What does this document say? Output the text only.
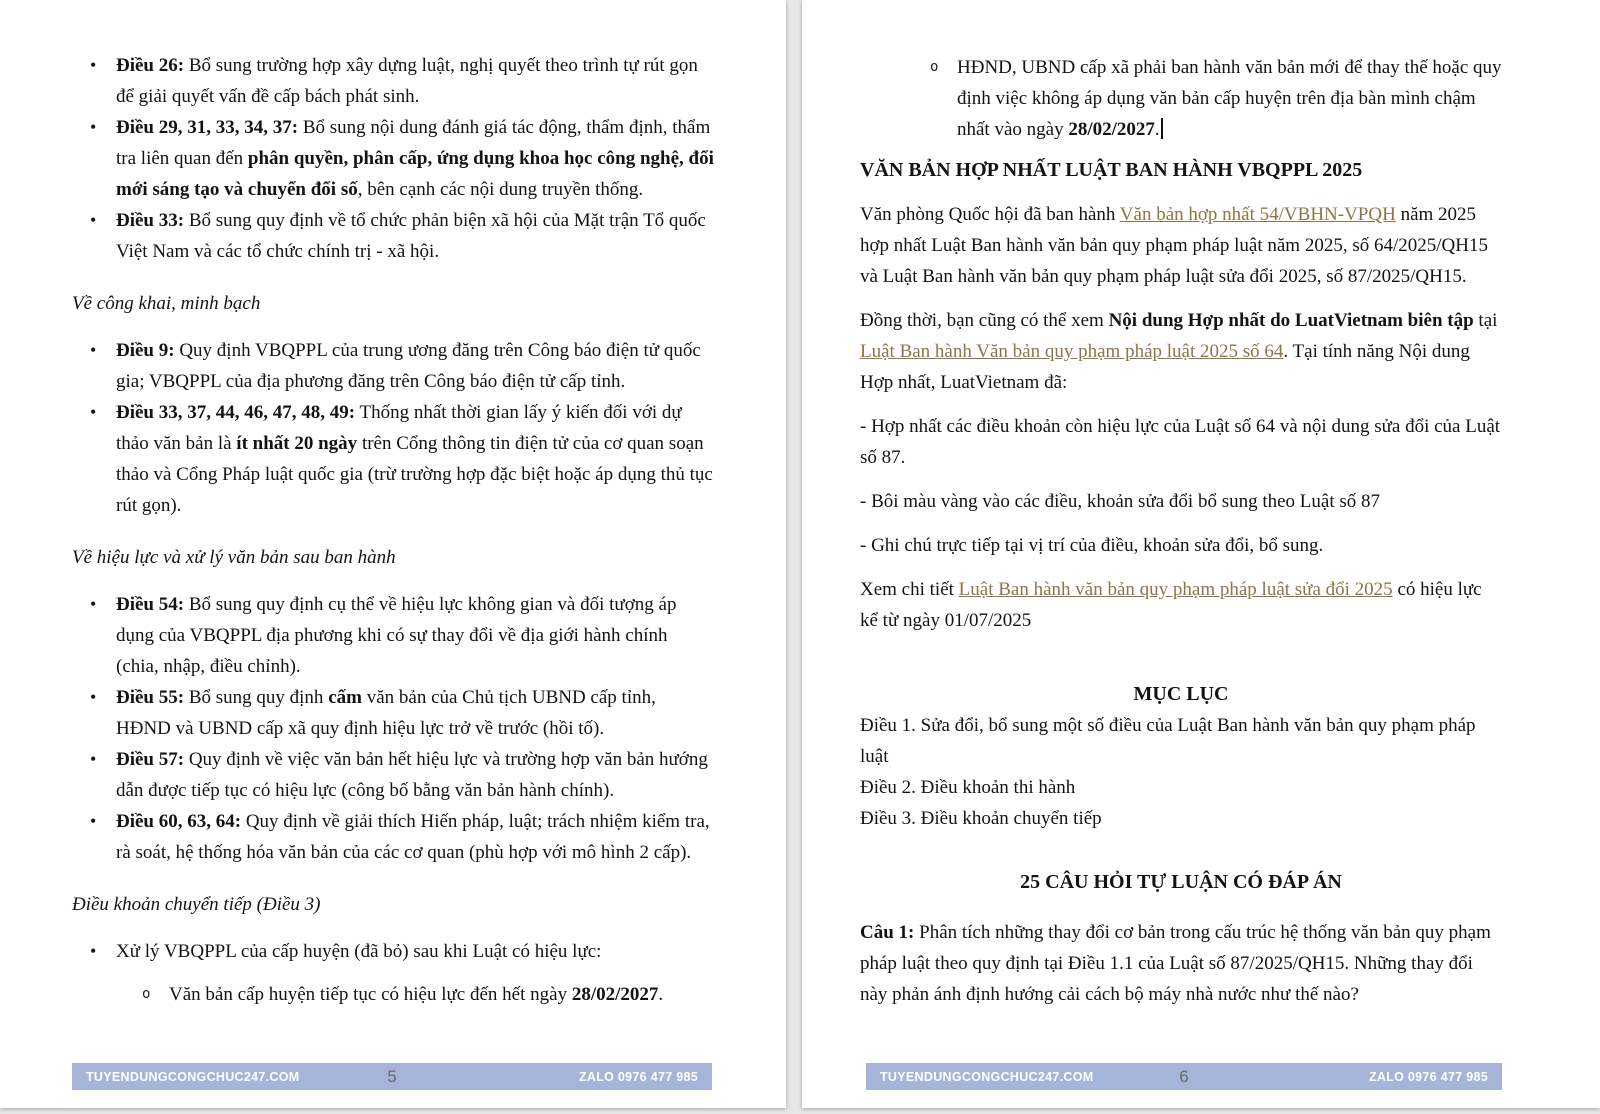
•	Điều 26: Bổ sung trường hợp xây dựng luật, nghị quyết theo trình tự rút gọn để giải quyết vấn đề cấp bách phát sinh.
•	Điều 29, 31, 33, 34, 37: Bổ sung nội dung đánh giá tác động, thẩm định, thẩm tra liên quan đến phân quyền, phân cấp, ứng dụng khoa học công nghệ, đổi mới sáng tạo và chuyển đổi số, bên cạnh các nội dung truyền thống.
•	Điều 33: Bổ sung quy định về tổ chức phản biện xã hội của Mặt trận Tổ quốc Việt Nam và các tổ chức chính trị - xã hội.
Về công khai, minh bạch
•	Điều 9: Quy định VBQPPL của trung ương đăng trên Công báo điện tử quốc gia; VBQPPL của địa phương đăng trên Công báo điện tử cấp tỉnh.
•	Điều 33, 37, 44, 46, 47, 48, 49: Thống nhất thời gian lấy ý kiến đối với dự thảo văn bản là ít nhất 20 ngày trên Cổng thông tin điện tử của cơ quan soạn thảo và Cổng Pháp luật quốc gia (trừ trường hợp đặc biệt hoặc áp dụng thủ tục rút gọn).
Về hiệu lực và xử lý văn bản sau ban hành
•	Điều 54: Bổ sung quy định cụ thể về hiệu lực không gian và đối tượng áp dụng của VBQPPL địa phương khi có sự thay đổi về địa giới hành chính (chia, nhập, điều chỉnh).
•	Điều 55: Bổ sung quy định cấm văn bản của Chủ tịch UBND cấp tỉnh, HĐND và UBND cấp xã quy định hiệu lực trở về trước (hồi tố).
•	Điều 57: Quy định về việc văn bản hết hiệu lực và trường hợp văn bản hướng dẫn được tiếp tục có hiệu lực (công bố bằng văn bản hành chính).
•	Điều 60, 63, 64: Quy định về giải thích Hiến pháp, luật; trách nhiệm kiểm tra, rà soát, hệ thống hóa văn bản của các cơ quan (phù hợp với mô hình 2 cấp).
Điều khoản chuyển tiếp (Điều 3)
•	Xử lý VBQPPL của cấp huyện (đã bỏ) sau khi Luật có hiệu lực:
o Văn bản cấp huyện tiếp tục có hiệu lực đến hết ngày 28/02/2027.
TUYENDUNGCONGCHUC247.COM	5	ZALO 0976 477 985
o HĐND, UBND cấp xã phải ban hành văn bản mới để thay thế hoặc quy định việc không áp dụng văn bản cấp huyện trên địa bàn mình chậm nhất vào ngày 28/02/2027.
VĂN BẢN HỢP NHẤT LUẬT BAN HÀNH VBQPPL 2025
Văn phòng Quốc hội đã ban hành Văn bản hợp nhất 54/VBHN-VPQH năm 2025 hợp nhất Luật Ban hành văn bản quy phạm pháp luật năm 2025, số 64/2025/QH15 và Luật Ban hành văn bản quy phạm pháp luật sửa đổi 2025, số 87/2025/QH15.
Đồng thời, bạn cũng có thể xem Nội dung Hợp nhất do LuatVietnam biên tập tại Luật Ban hành Văn bản quy phạm pháp luật 2025 số 64. Tại tính năng Nội dung Hợp nhất, LuatVietnam đã:
- Hợp nhất các điều khoản còn hiệu lực của Luật số 64 và nội dung sửa đổi của Luật số 87.
- Bôi màu vàng vào các điều, khoản sửa đổi bổ sung theo Luật số 87
- Ghi chú trực tiếp tại vị trí của điều, khoản sửa đổi, bổ sung.
Xem chi tiết Luật Ban hành văn bản quy phạm pháp luật sửa đổi 2025 có hiệu lực kể từ ngày 01/07/2025
MỤC LỤC
Điều 1. Sửa đổi, bổ sung một số điều của Luật Ban hành văn bản quy phạm pháp luật
Điều 2. Điều khoản thi hành
Điều 3. Điều khoản chuyển tiếp
25 CÂU HỎI TỰ LUẬN CÓ ĐÁP ÁN
Câu 1: Phân tích những thay đổi cơ bản trong cấu trúc hệ thống văn bản quy phạm pháp luật theo quy định tại Điều 1.1 của Luật số 87/2025/QH15. Những thay đổi này phản ánh định hướng cải cách bộ máy nhà nước như thế nào?
TUYENDUNGCONGCHUC247.COM	6	ZALO 0976 477 985
